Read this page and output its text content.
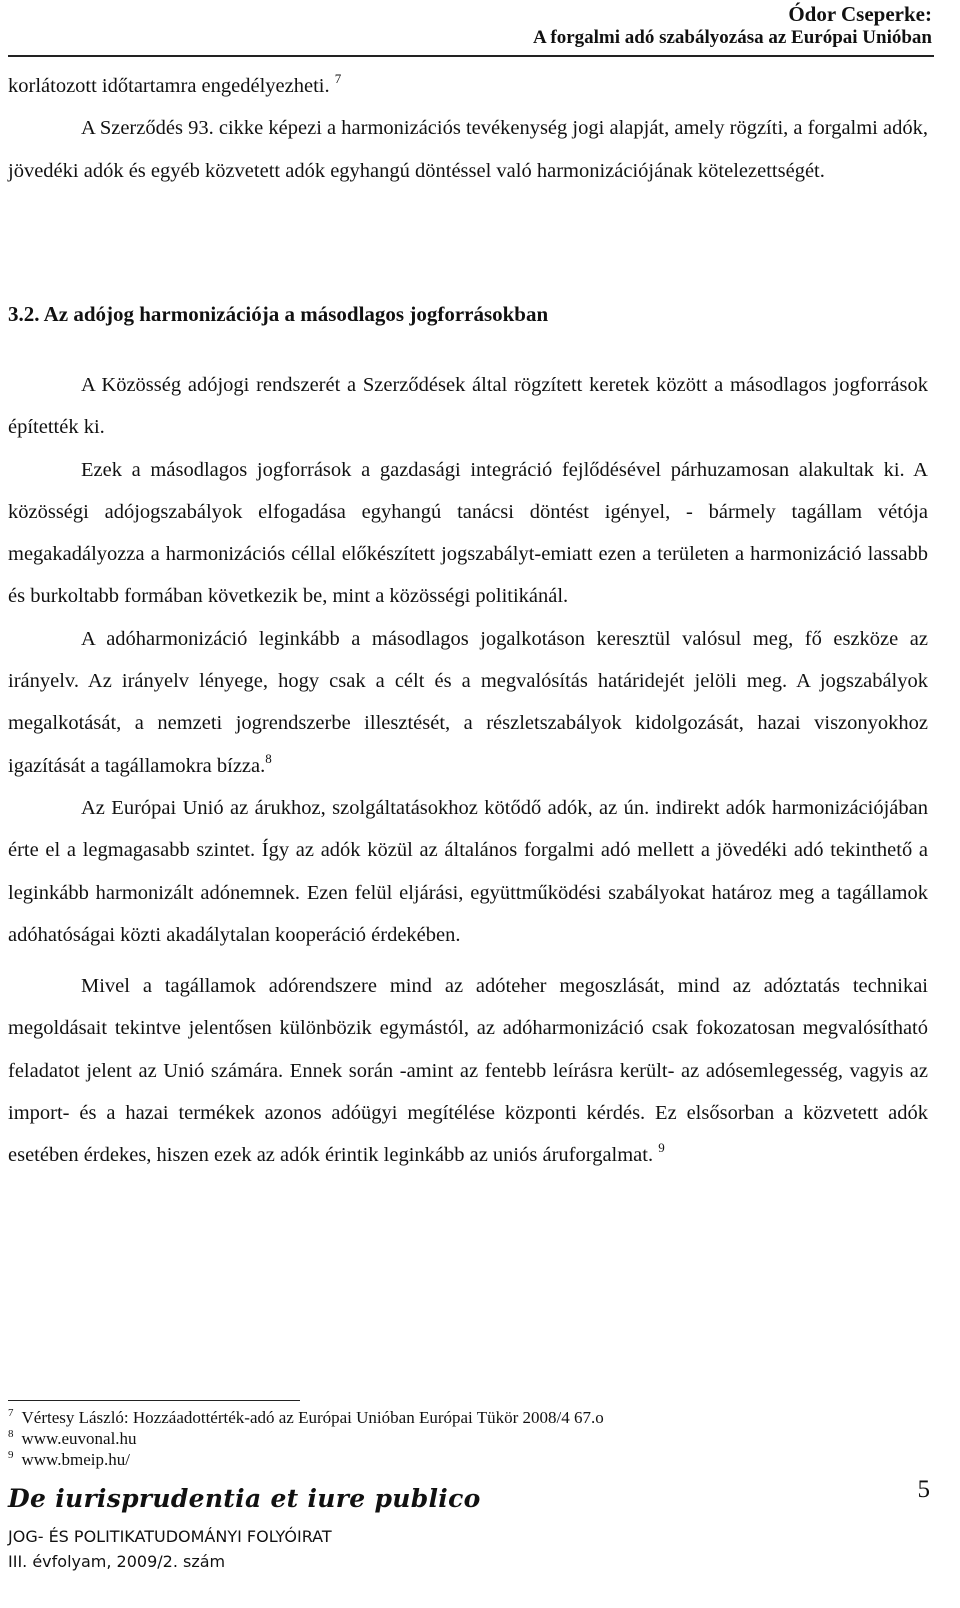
Ódor Cseperke:
A forgalmi adó szabályozása az Európai Unióban

korlátozott időtartamra engedélyezheti. $^7$

A Szerződés 93. cikke képezi a harmonizációs tevékenység jogi alapját, amely rögzíti, a forgalmi adók, jövedéki adók és egyéb közvetett adók egyhangú döntéssel való harmonizációjának kötelezettségét.

3.2. Az adójog harmonizációja a másodlagos jogforrásokban

A Közösség adójogi rendszerét a Szerződések által rögzített keretek között a másodlagos jogforrások építették ki.

Ezek a másodlagos jogforrások a gazdasági integráció fejlődésével párhuzamosan alakultak ki. A közösségi adójogszabályok elfogadása egyhangú tanácsi döntést igényel, - bármely tagállam vétója megakadályozza a harmonizációs céllal előkészített jogszabályt-emiatt ezen a területen a harmonizáció lassabb és burkoltabb formában következik be, mint a közösségi politikánál.

A adóharmonizáció leginkább a másodlagos jogalkotáson keresztül valósul meg, fő eszköze az irányelv. Az irányelv lényege, hogy csak a célt és a megvalósítás határidejét jelöli meg. A jogszabályok megalkotását, a nemzeti jogrendszerbe illesztését, a részletszabályok kidolgozását, hazai viszonyokhoz igazítását a tagállamokra bízza.$^8$

Az Európai Unió az árukhoz, szolgáltatásokhoz kötődő adók, az ún. indirekt adók harmonizációjában érte el a legmagasabb szintet. Így az adók közül az általános forgalmi adó mellett a jövedéki adó tekinthető a leginkább harmonizált adónemnek. Ezen felül eljárási, együttműködési szabályokat határoz meg a tagállamok adóhatóságai közti akadálytalan kooperáció érdekében.

Mivel a tagállamok adórendszere mind az adóteher megoszlását, mind az adóztatás technikai megoldásait tekintve jelentősen különbözik egymástól, az adóharmonizáció csak fokozatosan megvalósítható feladatot jelent az Unió számára. Ennek során -amint az fentebb leírásra került- az adósemlegesség, vagyis az import- és a hazai termékek azonos adóügyi megítélése központi kérdés. Ez elsősorban a közvetett adók esetében érdekes, hiszen ezek az adók érintik leginkább az uniós áruforgalmat. $^9$

$^7$ Vértesy László: Hozzáadottérték-adó az Európai Unióban Európai Tükör 2008/4 67.o
$^8$ www.euvonal.hu
$^9$ www.bmeip.hu/
De iurisprudentia et iure publico	5
JOG- ÉS POLITIKATUDOMÁNYI FOLYÓIRAT
III. évfolyam, 2009/2. szám
